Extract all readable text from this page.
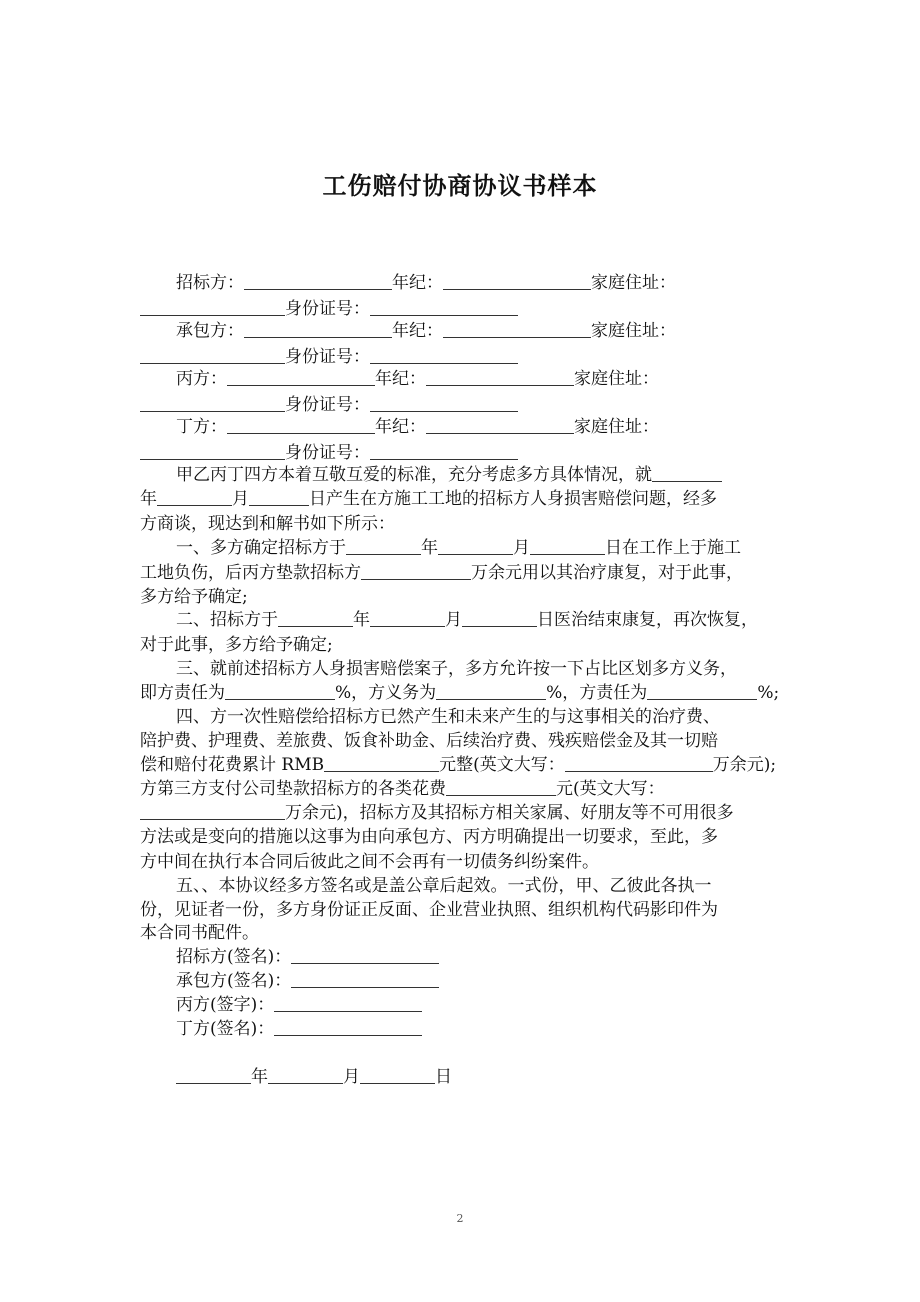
工伤赔付协商协议书样本
招标方：	年纪：	家庭住址：
身份证号：
承包方：	年纪：	家庭住址：
身份证号：
丙方：	年纪：	家庭住址：
身份证号：
丁方：	年纪：	家庭住址：
身份证号：
甲乙丙丁四方本着互敬互爱的标准，充分考虑多方具体情况，就
年	月	日产生在方施工工地的招标方人身损害赔偿问题，经多
方商谈，现达到和解书如下所示：
一、多方确定招标方于	年	月	日在工作上于施工
工地负伤，后丙方垫款招标方	万余元用以其治疗康复，对于此事，
多方给予确定;
二、招标方于	年	月	日医治结束康复，再次恢复，
对于此事，多方给予确定;
三、就前述招标方人身损害赔偿案子，多方允许按一下占比区划多方义务，
即方责任为	%，方义务为	%，方责任为	%;
四、方一次性赔偿给招标方已然产生和未来产生的与这事相关的治疗费、
陪护费、护理费、差旅费、饭食补助金、后续治疗费、残疾赔偿金及其一切赔
偿和赔付花费累计 RMB	元整(英文大写：	万余元);
方第三方支付公司垫款招标方的各类花费	元(英文大写：
万余元)，招标方及其招标方相关家属、好朋友等不可用很多
方法或是变向的措施以这事为由向承包方、丙方明确提出一切要求，至此，多
方中间在执行本合同后彼此之间不会再有一切债务纠纷案件。
五、、本协议经多方签名或是盖公章后起效。一式份，甲、乙彼此各执一
份，见证者一份，多方身份证正反面、企业营业执照、组织机构代码影印件为
本合同书配件。
招标方(签名)：
承包方(签名)：
丙方(签字)：
丁方(签名)：
年	月	日
2
